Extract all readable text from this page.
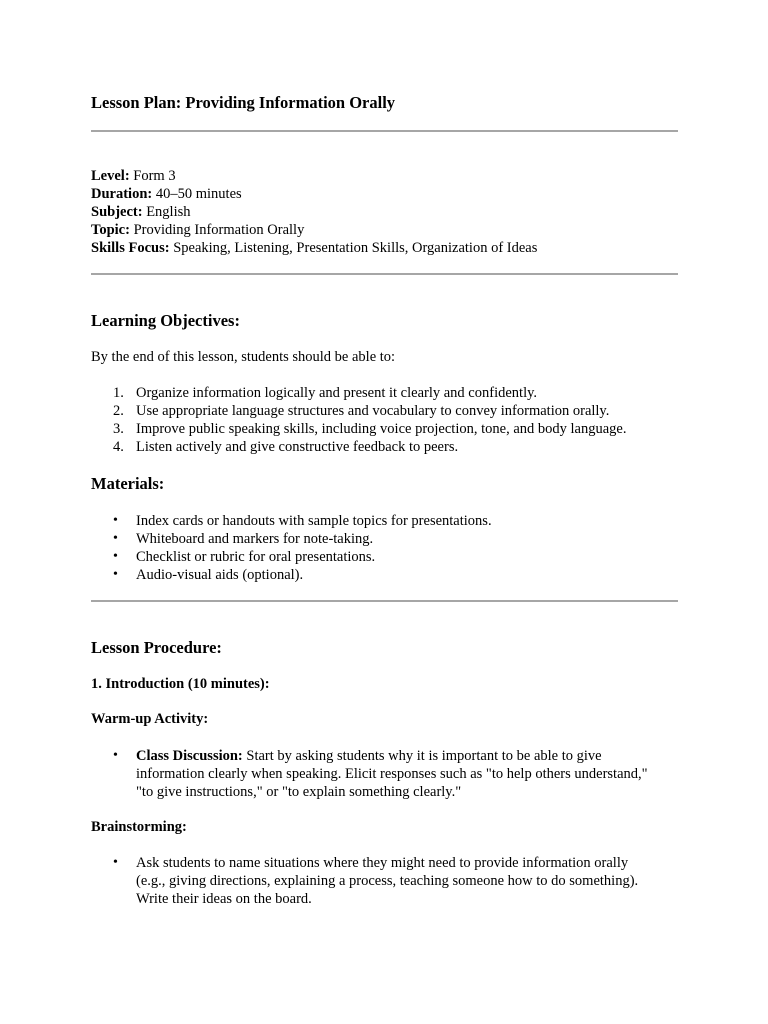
Lesson Plan: Providing Information Orally
Level: Form 3
Duration: 40–50 minutes
Subject: English
Topic: Providing Information Orally
Skills Focus: Speaking, Listening, Presentation Skills, Organization of Ideas
Learning Objectives:

By the end of this lesson, students should be able to:

1. Organize information logically and present it clearly and confidently.
2. Use appropriate language structures and vocabulary to convey information orally.
3. Improve public speaking skills, including voice projection, tone, and body language.
4. Listen actively and give constructive feedback to peers.
Materials:
• Index cards or handouts with sample topics for presentations.
• Whiteboard and markers for note-taking.
• Checklist or rubric for oral presentations.
• Audio-visual aids (optional).
Lesson Procedure:
1. Introduction (10 minutes):
Warm-up Activity:
• Class Discussion: Start by asking students why it is important to be able to give
information clearly when speaking. Elicit responses such as "to help others understand,"
"to give instructions," or "to explain something clearly."
Brainstorming:
• Ask students to name situations where they might need to provide information orally
(e.g., giving directions, explaining a process, teaching someone how to do something).
Write their ideas on the board.
